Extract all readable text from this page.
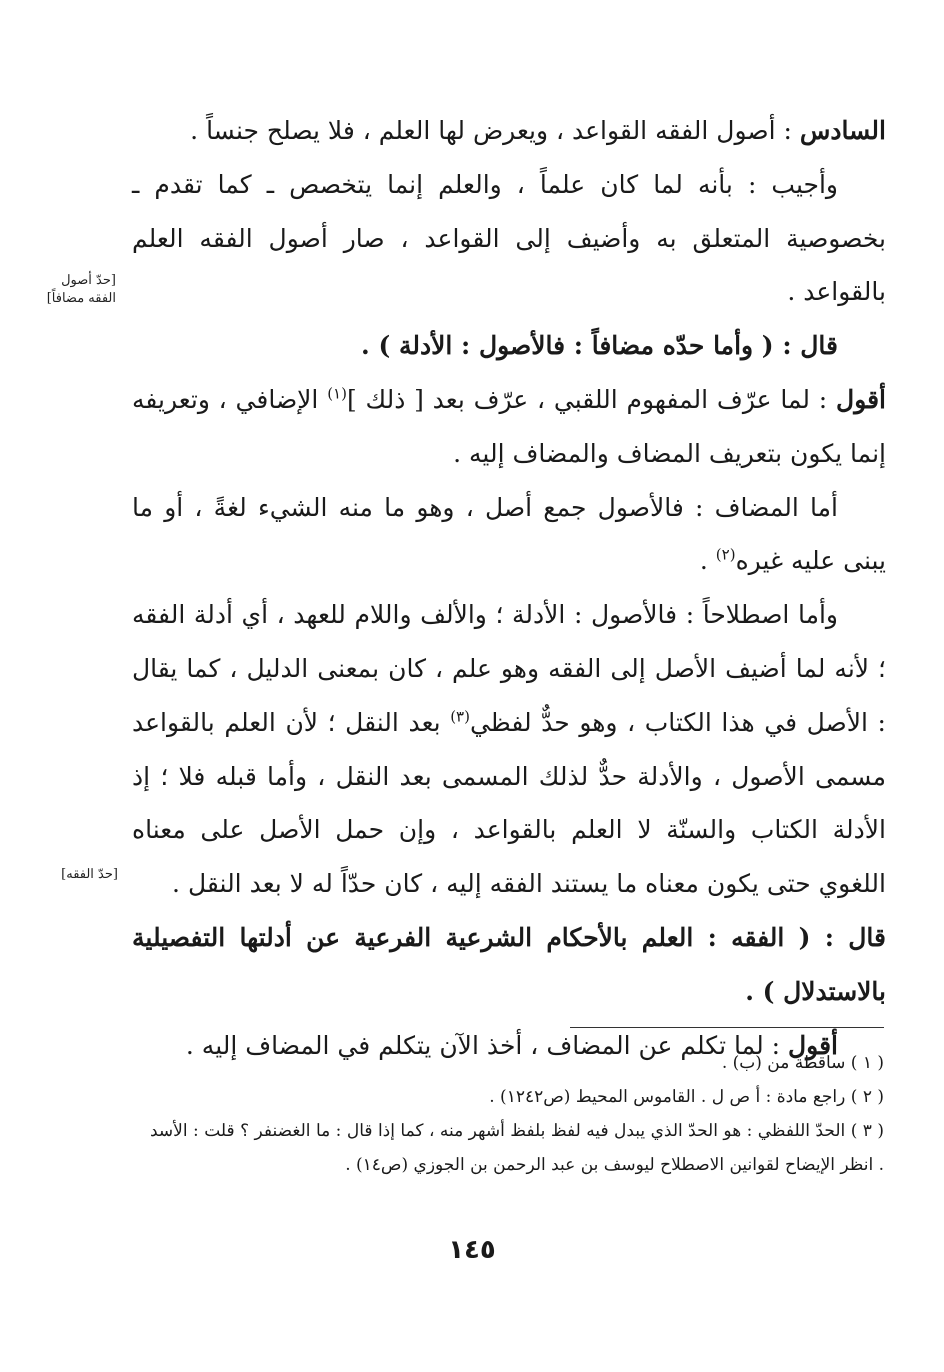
السادس : أصول الفقه القواعد ، ويعرض لها العلم ، فلا يصلح جنساً .

وأجيب : بأنه لما كان علماً ، والعلم إنما يتخصص ـ كما تقدم ـ بخصوصية المتعلق به وأضيف إلى القواعد ، صار أصول الفقه العلم بالقواعد .

قال : ( وأما حدّه مضافاً : فالأصول : الأدلة ) .

أقول : لما عرّف المفهوم اللقبي ، عرّف بعد [ ذلك ]$^{(١)}$ الإضافي ، وتعريفه إنما يكون بتعريف المضاف والمضاف إليه .

أما المضاف : فالأصول جمع أصل ، وهو ما منه الشيء لغةً ، أو ما يبنى عليه غيره$^{(٢)}$ .

وأما اصطلاحاً : فالأصول : الأدلة ؛ والألف واللام للعهد ، أي أدلة الفقه ؛ لأنه لما أضيف الأصل إلى الفقه وهو علم ، كان بمعنى الدليل ، كما يقال : الأصل في هذا الكتاب ، وهو حدٌّ لفظي$^{(٣)}$ بعد النقل ؛ لأن العلم بالقواعد مسمى الأصول ، والأدلة حدٌّ لذلك المسمى بعد النقل ، وأما قبله فلا ؛ إذ الأدلة الكتاب والسنّة لا العلم بالقواعد ، وإن حمل الأصل على معناه اللغوي حتى يكون معناه ما يستند الفقه إليه ، كان حدّاً له لا بعد النقل .

قال : ( الفقه : العلم بالأحكام الشرعية الفرعية عن أدلتها التفصيلية بالاستدلال ) .

أقول : لما تكلم عن المضاف ، أخذ الآن يتكلم في المضاف إليه .

[حدّ أصول الفقه مضافاً]
[حدّ الفقه]

( ١ ) ساقطة من (ب) .

( ٢ ) راجع مادة : أ ص ل . القاموس المحيط (ص١٢٤٢) .

( ٣ ) الحدّ اللفظي : هو الحدّ الذي يبدل فيه لفظ بلفظ أشهر منه ، كما إذا قال : ما الغضنفر ؟ قلت : الأسد . انظر الإيضاح لقوانين الاصطلاح ليوسف بن عبد الرحمن بن الجوزي (ص١٤) .

١٤٥
